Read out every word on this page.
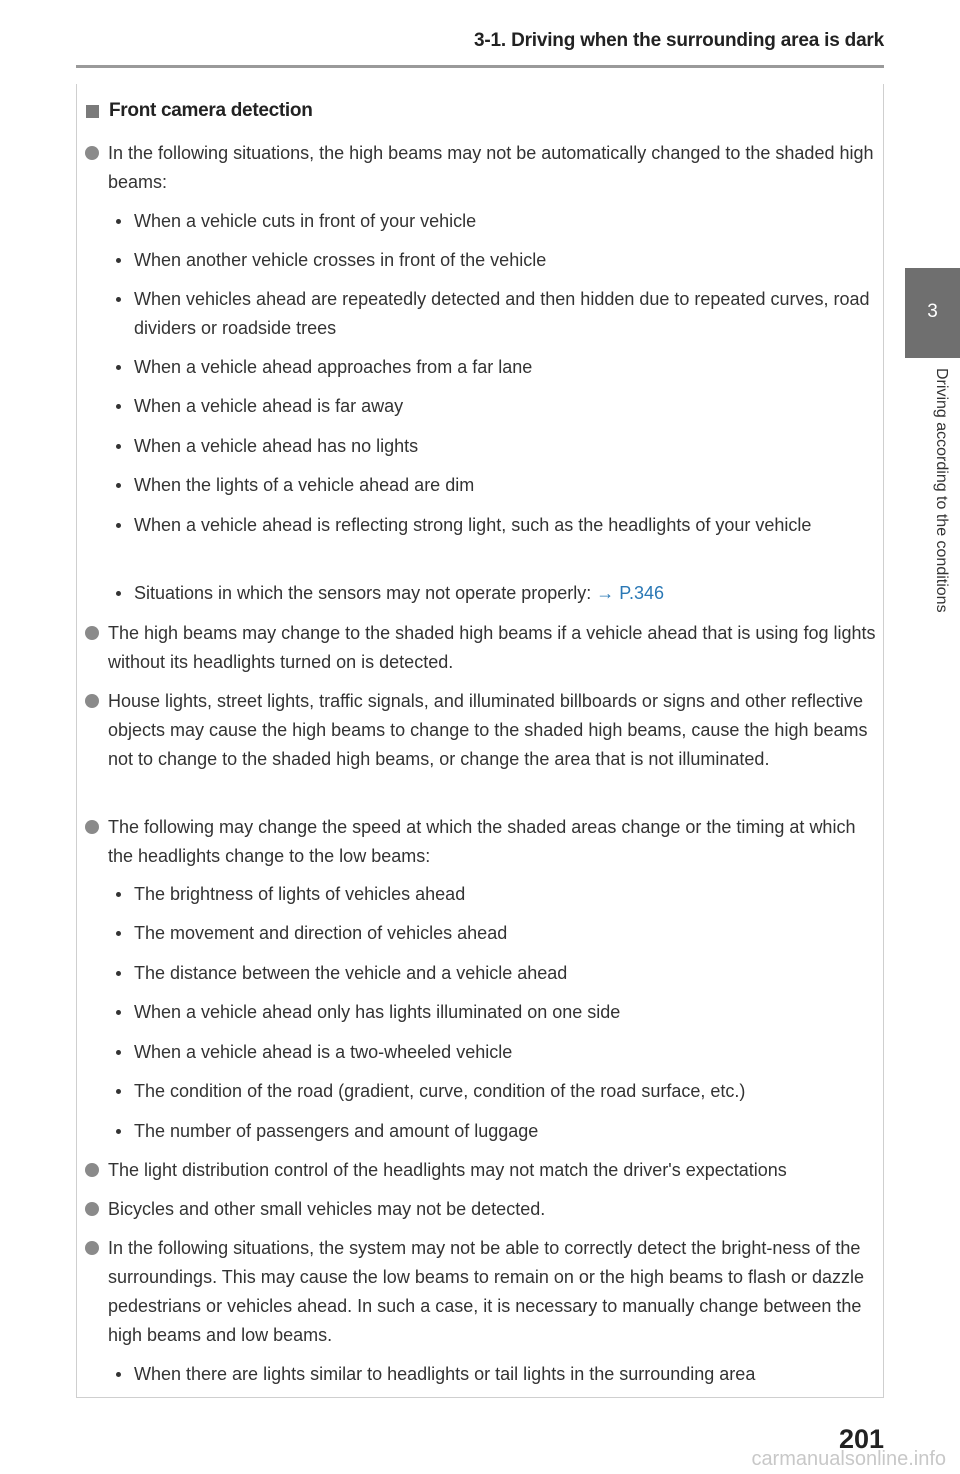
3-1. Driving when the surrounding area is dark
3
Driving according to the conditions
Front camera detection
In the following situations, the high beams may not be automatically changed to the shaded high beams:
When a vehicle cuts in front of your vehicle
When another vehicle crosses in front of the vehicle
When vehicles ahead are repeatedly detected and then hidden due to repeated curves, road dividers or roadside trees
When a vehicle ahead approaches from a far lane
When a vehicle ahead is far away
When a vehicle ahead has no lights
When the lights of a vehicle ahead are dim
When a vehicle ahead is reflecting strong light, such as the headlights of your vehicle
Situations in which the sensors may not operate properly: → P.346
The high beams may change to the shaded high beams if a vehicle ahead that is using fog lights without its headlights turned on is detected.
House lights, street lights, traffic signals, and illuminated billboards or signs and other reflective objects may cause the high beams to change to the shaded high beams, cause the high beams not to change to the shaded high beams, or change the area that is not illuminated.
The following may change the speed at which the shaded areas change or the timing at which the headlights change to the low beams:
The brightness of lights of vehicles ahead
The movement and direction of vehicles ahead
The distance between the vehicle and a vehicle ahead
When a vehicle ahead only has lights illuminated on one side
When a vehicle ahead is a two-wheeled vehicle
The condition of the road (gradient, curve, condition of the road surface, etc.)
The number of passengers and amount of luggage
The light distribution control of the headlights may not match the driver's expectations
Bicycles and other small vehicles may not be detected.
In the following situations, the system may not be able to correctly detect the bright-ness of the surroundings. This may cause the low beams to remain on or the high beams to flash or dazzle pedestrians or vehicles ahead. In such a case, it is necessary to manually change between the high beams and low beams.
When there are lights similar to headlights or tail lights in the surrounding area
201
carmanualsonline.info
